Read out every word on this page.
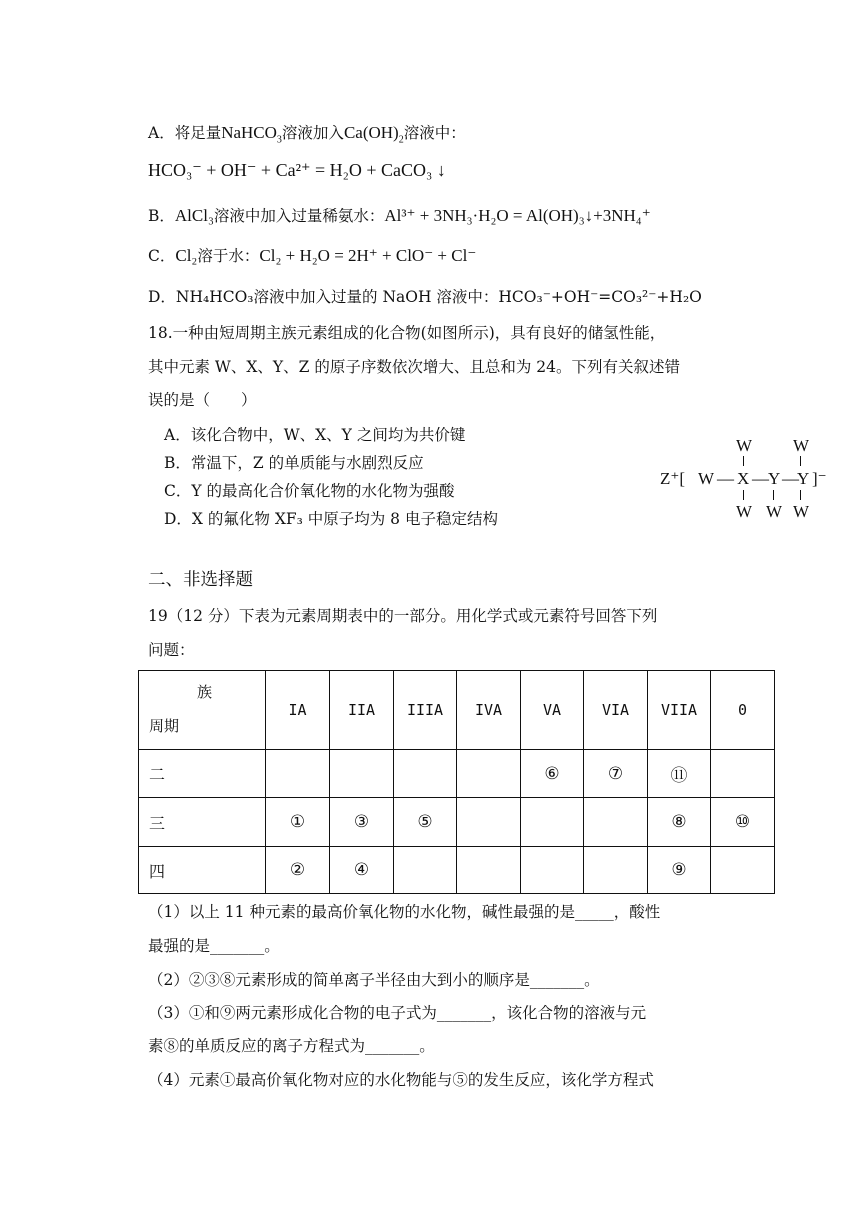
A．将足量NaHCO$_3$溶液加入$Ca(OH)_2$溶液中：
HCO₃⁻ + OH⁻ + Ca²⁺ = H₂O + CaCO₃ ↓
B．AlCl₃溶液中加入过量稀氨水：Al³⁺ + 3NH₃·H₂O = Al(OH)₃↓+3NH₄⁺
C．Cl₂溶于水：Cl₂ + H₂O = 2H⁺ + ClO⁻ + Cl⁻
D．NH₄HCO₃溶液中加入过量的 NaOH 溶液中：HCO₃⁻+OH⁻=CO₃²⁻+H₂O
18.一种由短周期主族元素组成的化合物(如图所示)，具有良好的储氢性能，
其中元素 W、X、Y、Z 的原子序数依次增大、且总和为 24。下列有关叙述错
误的是（　　）
A．该化合物中，W、X、Y 之间均为共价键
B．常温下，Z 的单质能与水剧烈反应
C．Y 的最高化合价氧化物的水化物为强酸
D．X 的氟化物 XF₃ 中原子均为 8 电子稳定结构
W W
Z⁺[ W — X — Y —
Y ]⁻
W W W
二、非选择题
19（12 分）下表为元素周期表中的一部分。用化学式或元素符号回答下列
问题：
族
周期	IA	IIA	IIIA	IVA	VA	VIA	VIIA	0
二					⑥	⑦	⑪	
三	①	③	⑤				⑧	⑩
四	②	④					⑨	
（1）以上 11 种元素的最高价氧化物的水化物，碱性最强的是_____，酸性
最强的是_______。
（2）②③⑧元素形成的简单离子半径由大到小的顺序是_______。
（3）①和⑨两元素形成化合物的电子式为_______，该化合物的溶液与元
素⑧的单质反应的离子方程式为_______。
（4）元素①最高价氧化物对应的水化物能与⑤的发生反应，该化学方程式
